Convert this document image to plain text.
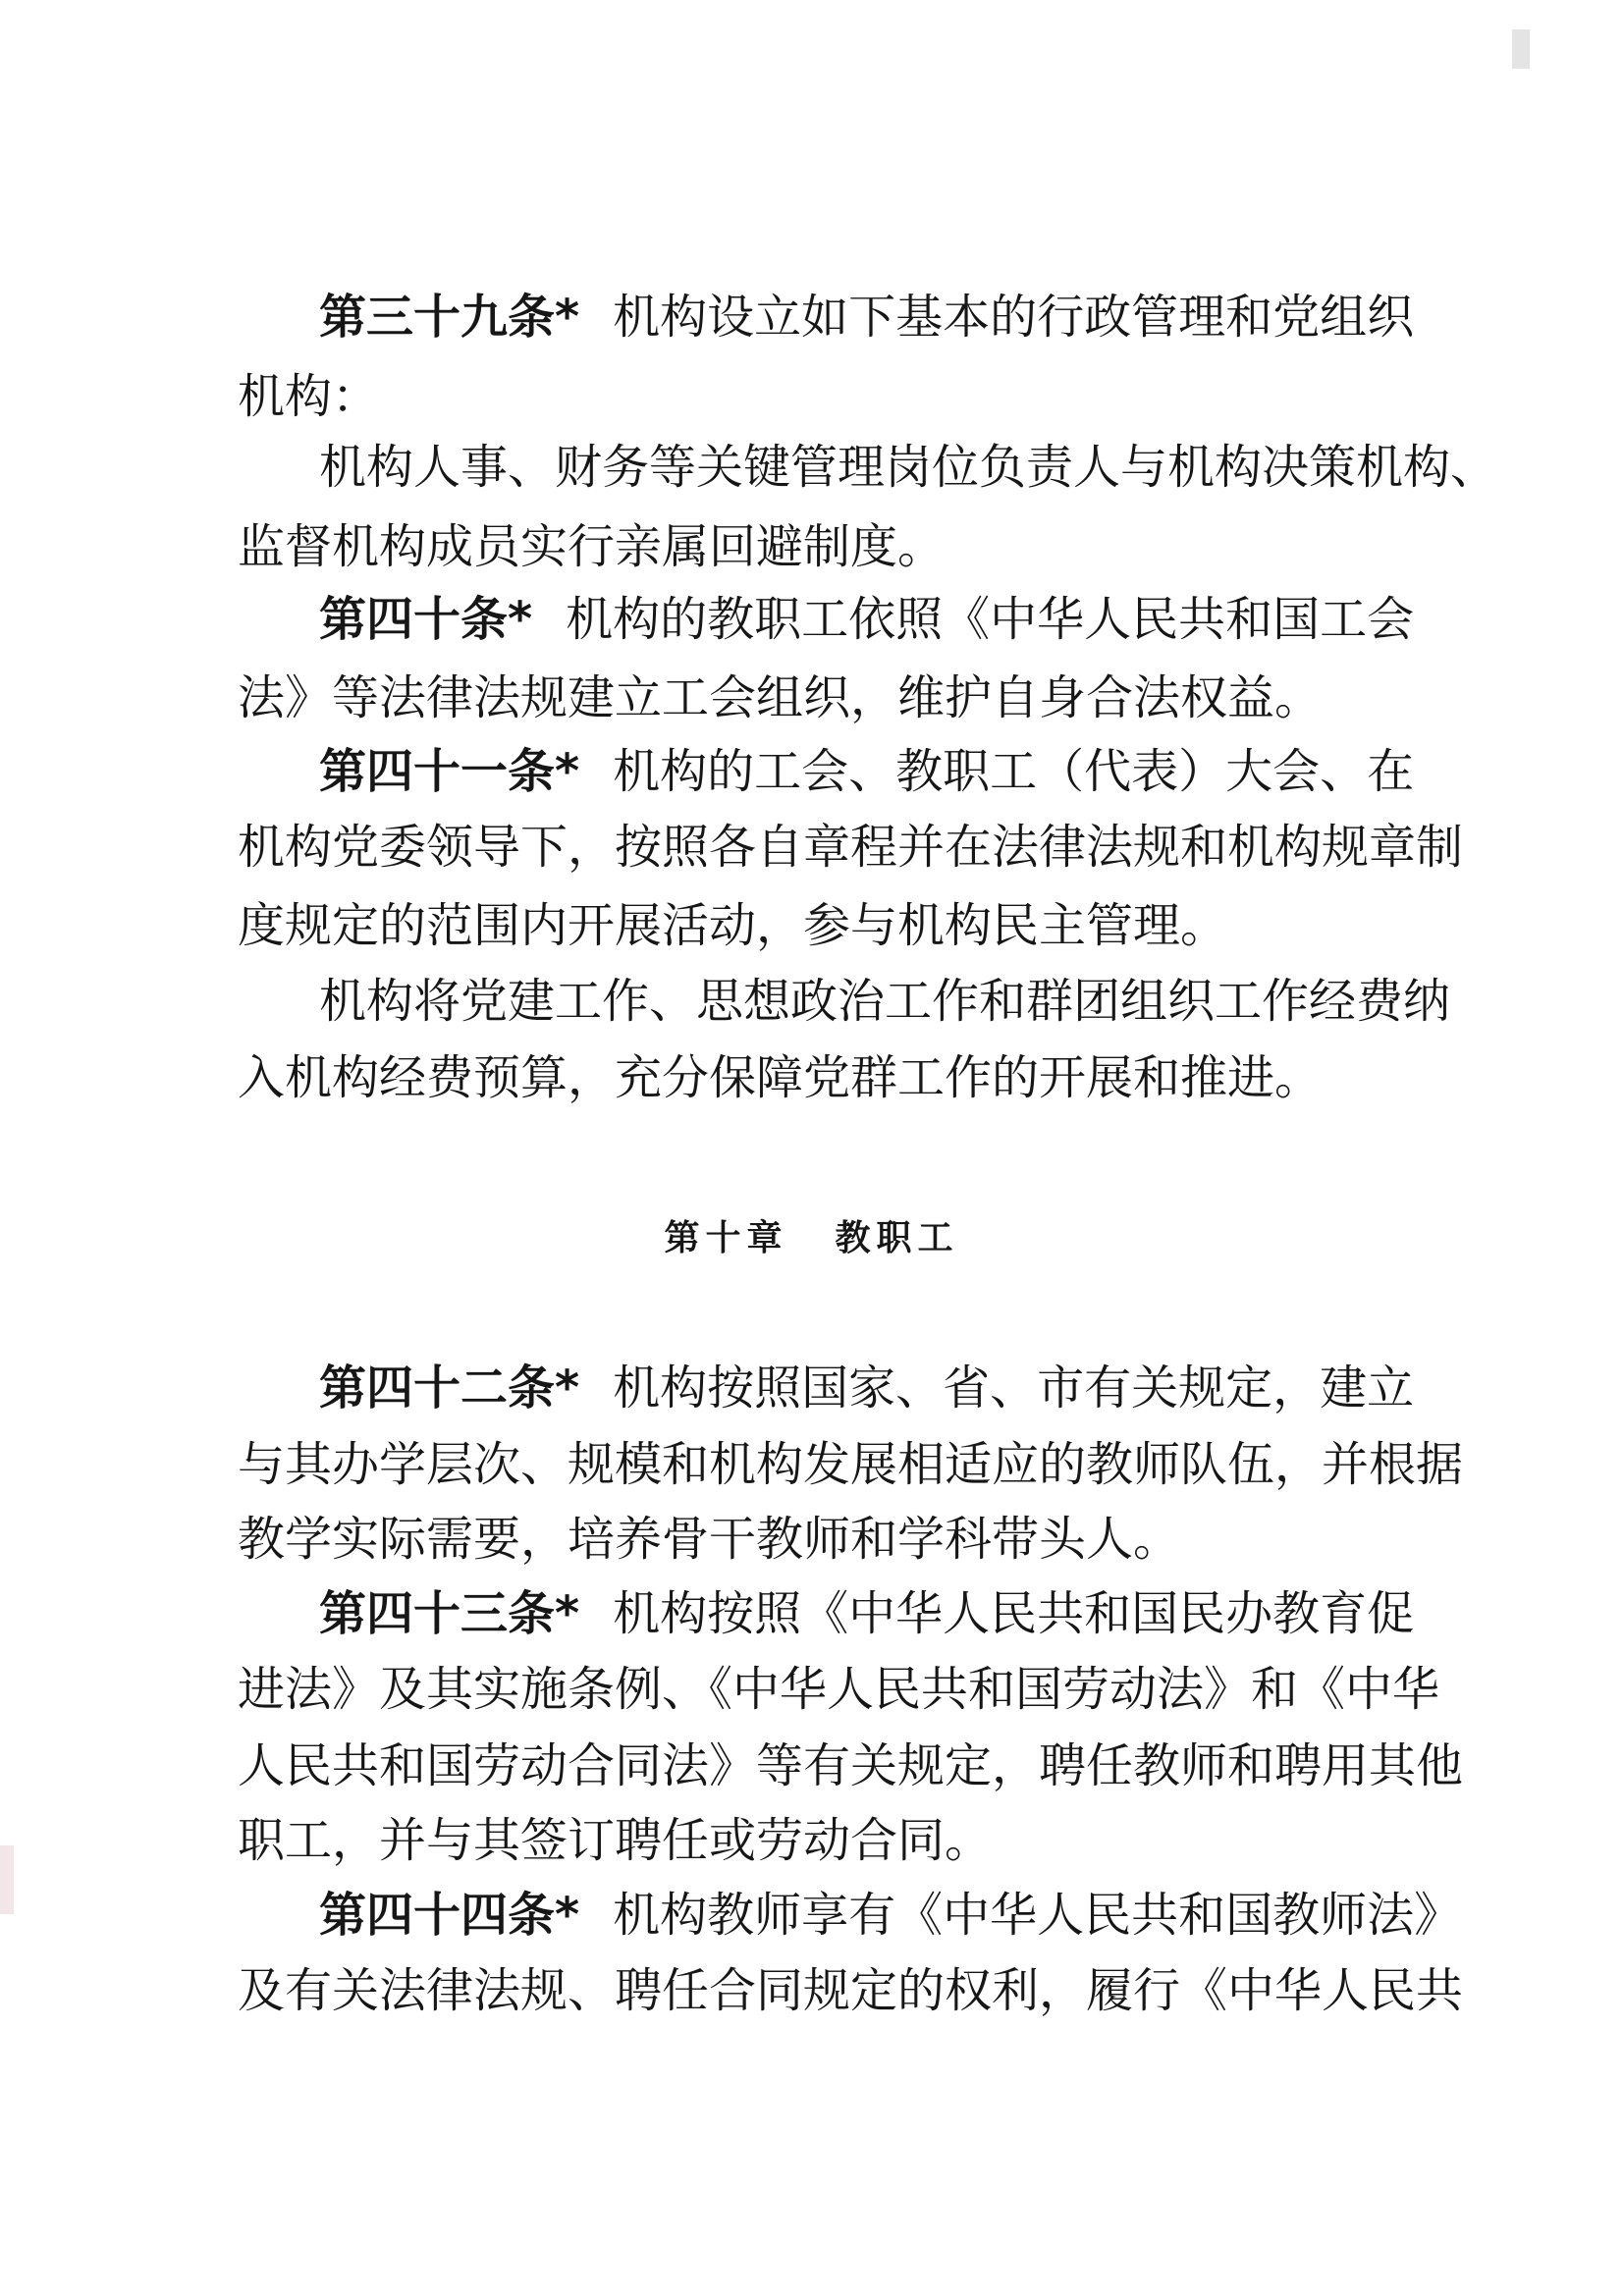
第三十九条* 机构设立如下基本的行政管理和党组织
机构：
机构人事、财务等关键管理岗位负责人与机构决策机构、
监督机构成员实行亲属回避制度。
第四十条* 机构的教职工依照《中华人民共和国工会
法》等法律法规建立工会组织，维护自身合法权益。
第四十一条* 机构的工会、教职工（代表）大会、在
机构党委领导下，按照各自章程并在法律法规和机构规章制
度规定的范围内开展活动，参与机构民主管理。
机构将党建工作、思想政治工作和群团组织工作经费纳
入机构经费预算，充分保障党群工作的开展和推进。
第十章 教职工
第四十二条* 机构按照国家、省、市有关规定，建立
与其办学层次、规模和机构发展相适应的教师队伍，并根据
教学实际需要，培养骨干教师和学科带头人。
第四十三条* 机构按照《中华人民共和国民办教育促
进法》及其实施条例、《中华人民共和国劳动法》和《中华
人民共和国劳动合同法》等有关规定，聘任教师和聘用其他
职工，并与其签订聘任或劳动合同。
第四十四条* 机构教师享有《中华人民共和国教师法》
及有关法律法规、聘任合同规定的权利，履行《中华人民共
